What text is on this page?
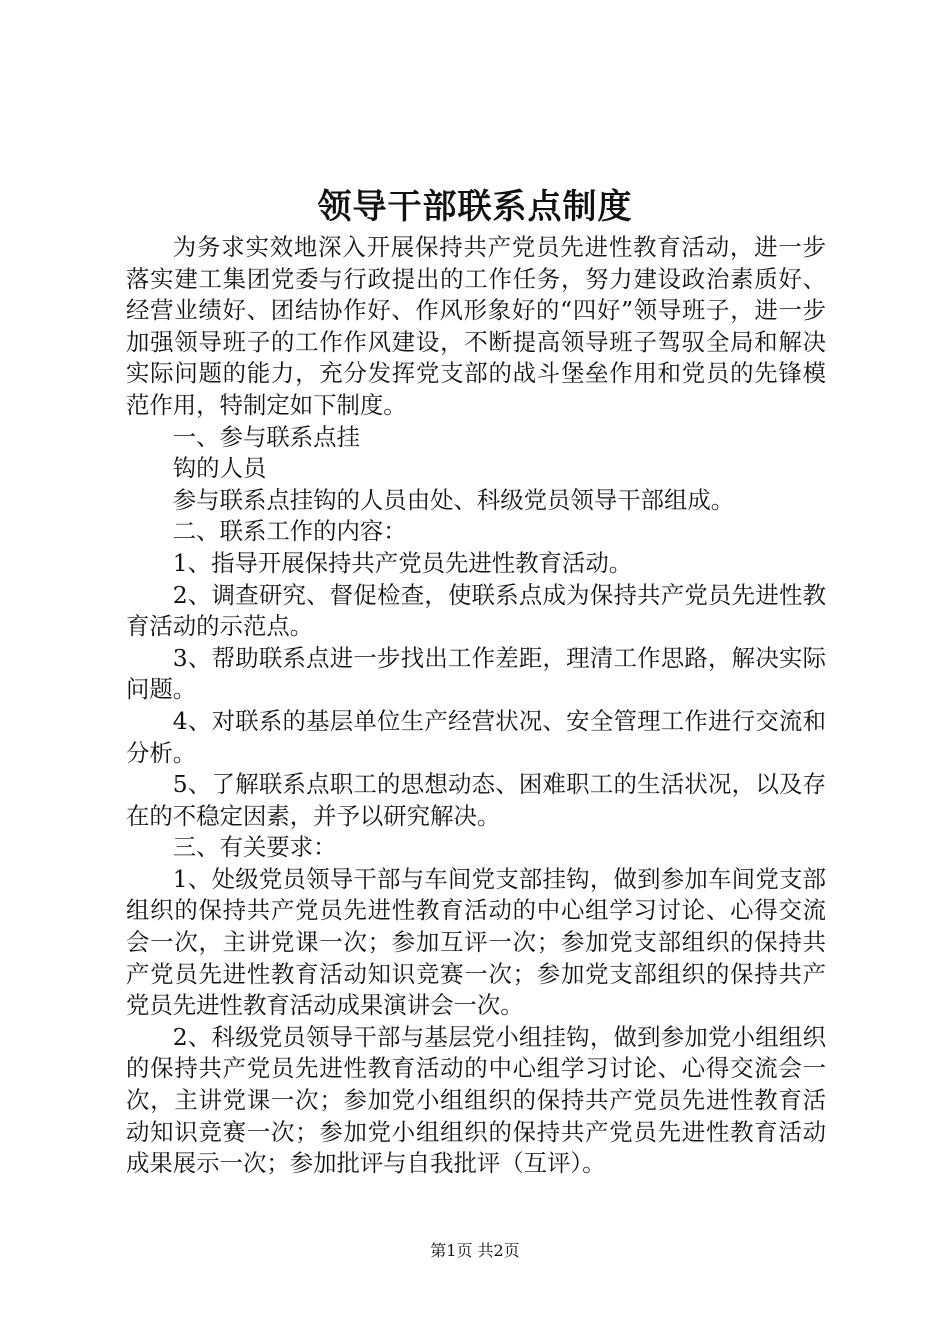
领导干部联系点制度

为务求实效地深入开展保持共产党员先进性教育活动，进一步落实建工集团党委与行政提出的工作任务，努力建设政治素质好、经营业绩好、团结协作好、作风形象好的“四好”领导班子，进一步加强领导班子的工作作风建设，不断提高领导班子驾驭全局和解决实际问题的能力，充分发挥党支部的战斗堡垒作用和党员的先锋模范作用，特制定如下制度。

一、参与联系点挂

钩的人员

参与联系点挂钩的人员由处、科级党员领导干部组成。

二、联系工作的内容：

1、指导开展保持共产党员先进性教育活动。

2、调查研究、督促检查，使联系点成为保持共产党员先进性教育活动的示范点。

3、帮助联系点进一步找出工作差距，理清工作思路，解决实际问题。

4、对联系的基层单位生产经营状况、安全管理工作进行交流和分析。

5、了解联系点职工的思想动态、困难职工的生活状况，以及存在的不稳定因素，并予以研究解决。

三、有关要求：

1、处级党员领导干部与车间党支部挂钩，做到参加车间党支部组织的保持共产党员先进性教育活动的中心组学习讨论、心得交流会一次，主讲党课一次；参加互评一次；参加党支部组织的保持共产党员先进性教育活动知识竞赛一次；参加党支部组织的保持共产党员先进性教育活动成果演讲会一次。

2、科级党员领导干部与基层党小组挂钩，做到参加党小组组织的保持共产党员先进性教育活动的中心组学习讨论、心得交流会一次，主讲党课一次；参加党小组组织的保持共产党员先进性教育活动知识竞赛一次；参加党小组组织的保持共产党员先进性教育活动成果展示一次；参加批评与自我批评（互评）。

第1页 共2页
